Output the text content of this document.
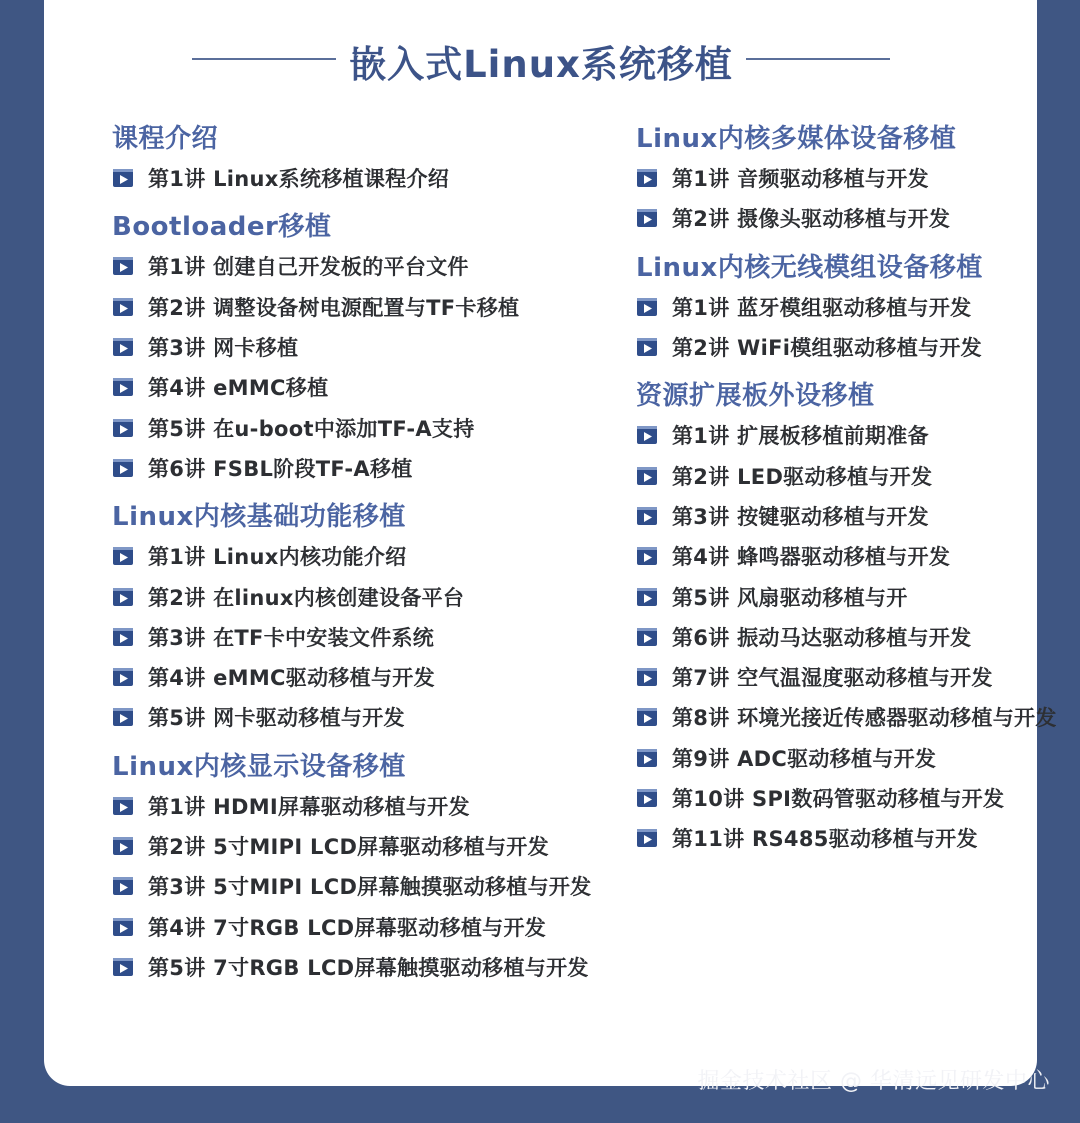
嵌入式Linux系统移植
课程介绍
第1讲 Linux系统移植课程介绍
Bootloader移植
第1讲 创建自己开发板的平台文件
第2讲 调整设备树电源配置与TF卡移植
第3讲 网卡移植
第4讲 eMMC移植
第5讲 在u-boot中添加TF-A支持
第6讲 FSBL阶段TF-A移植
Linux内核基础功能移植
第1讲 Linux内核功能介绍
第2讲 在linux内核创建设备平台
第3讲 在TF卡中安装文件系统
第4讲 eMMC驱动移植与开发
第5讲 网卡驱动移植与开发
Linux内核显示设备移植
第1讲 HDMI屏幕驱动移植与开发
第2讲 5寸MIPI LCD屏幕驱动移植与开发
第3讲 5寸MIPI LCD屏幕触摸驱动移植与开发
第4讲 7寸RGB LCD屏幕驱动移植与开发
第5讲 7寸RGB LCD屏幕触摸驱动移植与开发
Linux内核多媒体设备移植
第1讲 音频驱动移植与开发
第2讲 摄像头驱动移植与开发
Linux内核无线模组设备移植
第1讲 蓝牙模组驱动移植与开发
第2讲 WiFi模组驱动移植与开发
资源扩展板外设移植
第1讲 扩展板移植前期准备
第2讲 LED驱动移植与开发
第3讲 按键驱动移植与开发
第4讲 蜂鸣器驱动移植与开发
第5讲 风扇驱动移植与开
第6讲 振动马达驱动移植与开发
第7讲 空气温湿度驱动移植与开发
第8讲 环境光接近传感器驱动移植与开发
第9讲 ADC驱动移植与开发
第10讲 SPI数码管驱动移植与开发
第11讲 RS485驱动移植与开发
掘金技术社区 @ 华清远见研发中心
